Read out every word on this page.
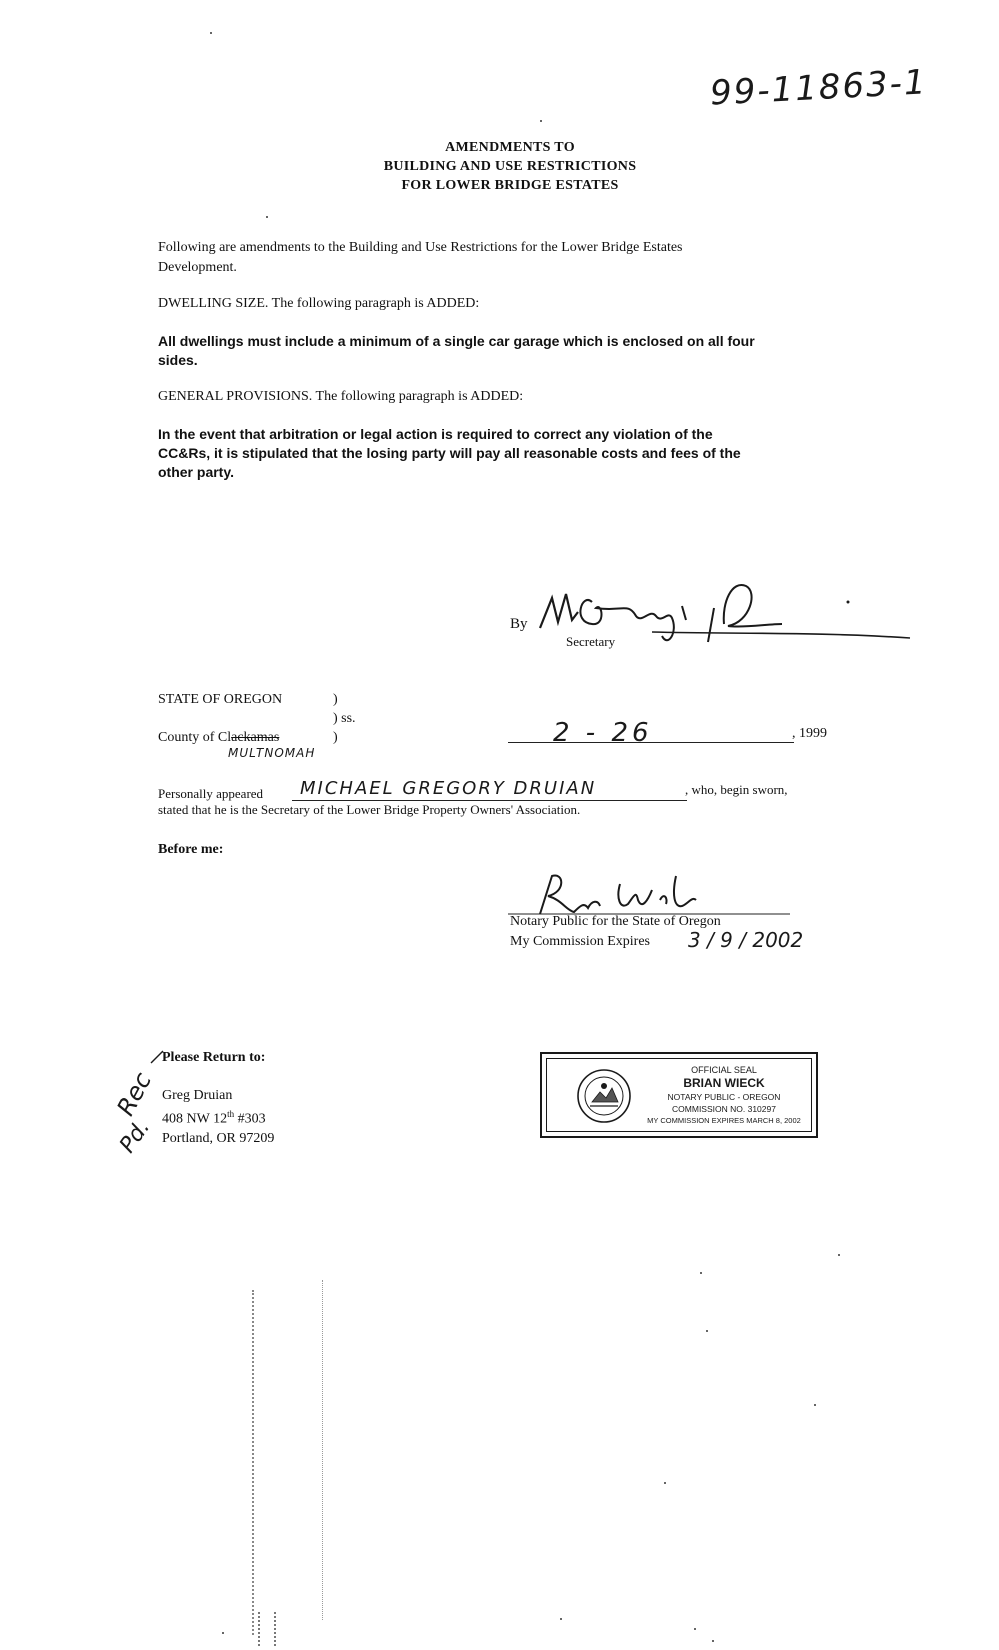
99-11863-1
AMENDMENTS TO
BUILDING AND USE RESTRICTIONS
FOR LOWER BRIDGE ESTATES
Following are amendments to the Building and Use Restrictions for the Lower Bridge Estates
Development.
DWELLING SIZE. The following paragraph is ADDED:
All dwellings must include a minimum of a single car garage which is enclosed on all four
sides.
GENERAL PROVISIONS. The following paragraph is ADDED:
In the event that arbitration or legal action is required to correct any violation of the
CC&Rs, it is stipulated that the losing party will pay all reasonable costs and fees of the
other party.
By
Secretary
STATE OF OREGON	)
) ss.
County of Clackamas	)
MULTNOMAH
2 - 26	, 1999
Personally appeared MICHAEL GREGORY DRUIAN	, who, begin sworn,
stated that he is the Secretary of the Lower Bridge Property Owners' Association.
Before me:
Notary Public for the State of Oregon
My Commission Expires 3 / 9 / 2002
Please Return to:
Greg Druian
408 NW 12th #303
Portland, OR 97209
Rec
Pd.
OFFICIAL SEAL
BRIAN WIECK
NOTARY PUBLIC - OREGON
COMMISSION NO. 310297
MY COMMISSION EXPIRES MARCH 8, 2002
